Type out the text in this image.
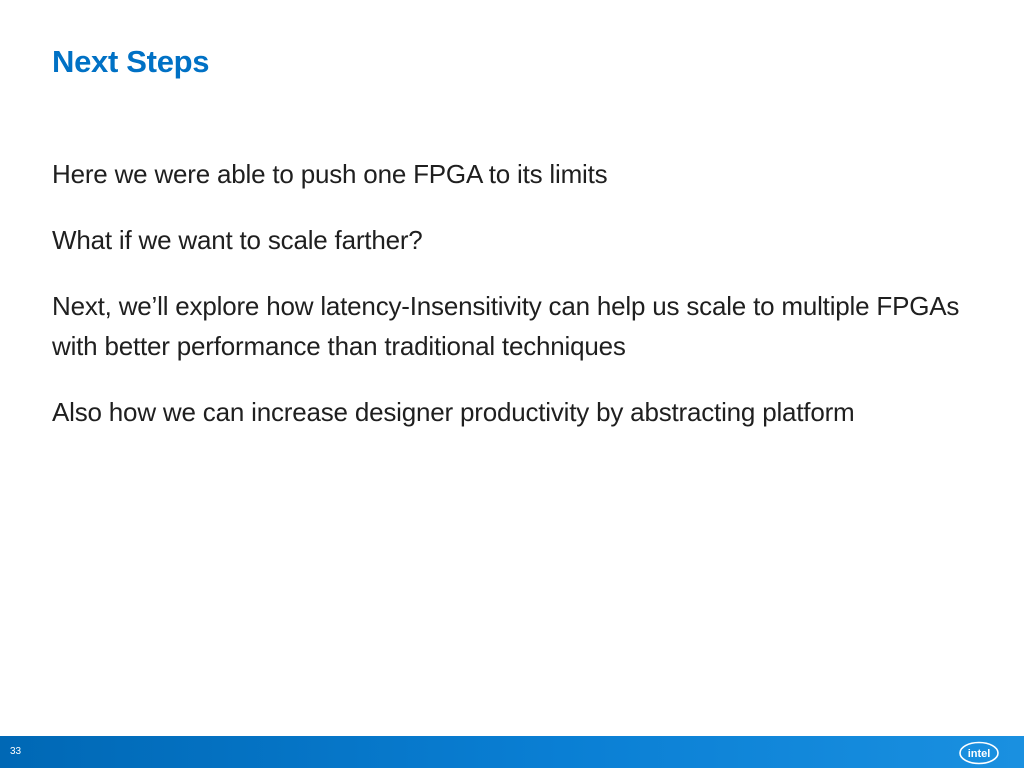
Next Steps
Here we were able to push one FPGA to its limits
What if we want to scale farther?
Next, we’ll explore how latency-Insensitivity can help us scale to multiple FPGAs with better performance than traditional techniques
Also how we can increase designer productivity by abstracting platform
33	intel
